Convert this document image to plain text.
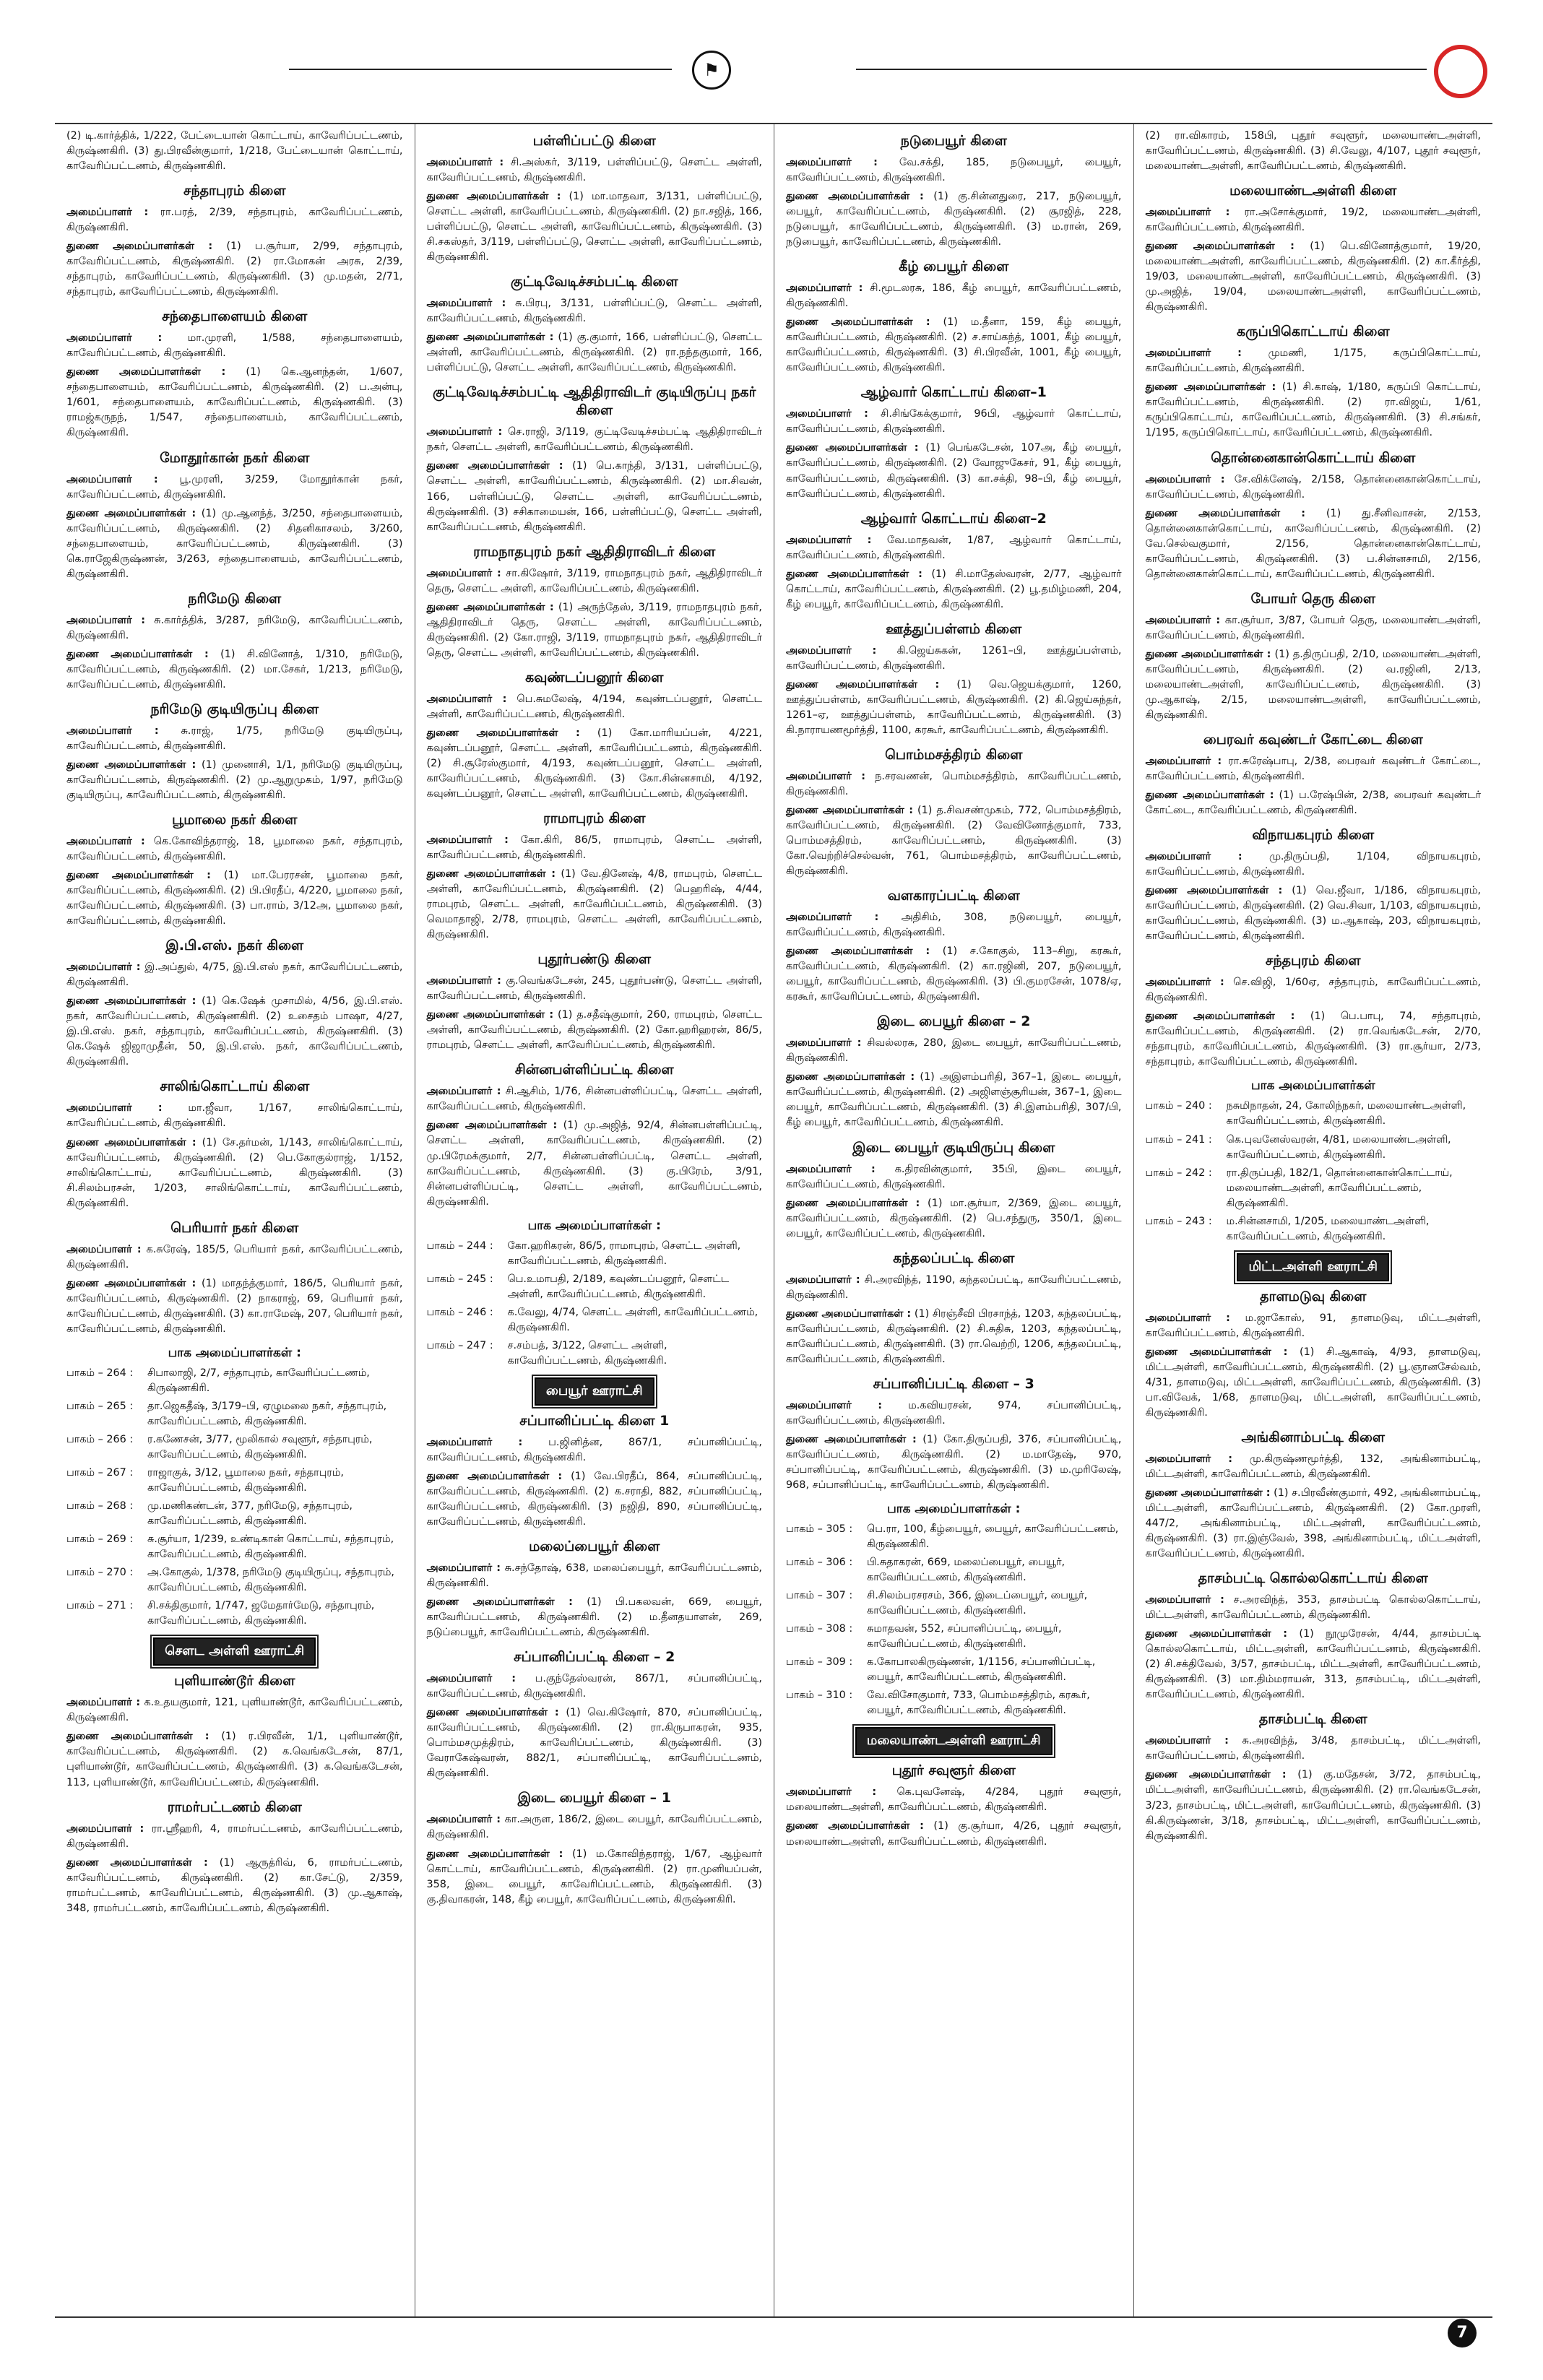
⚑

(2) டி.கார்த்திக், 1/222, பேட்டையான் கொட்டாய், காவேரிப்பட்டணம், கிருஷ்ணகிரி. (3) து.பிரவீன்குமார், 1/218, பேட்டையான் கொட்டாய், காவேரிப்பட்டணம், கிருஷ்ணகிரி.

சந்தாபுரம் கிளை

அமைப்பாளர் : ரா.பரத், 2/39, சந்தாபுரம், காவேரிப்பட்டணம், கிருஷ்ணகிரி.

துணை அமைப்பாளர்கள் : (1) ப.சூர்யா, 2/99, சந்தாபுரம், காவேரிப்பட்டணம், கிருஷ்ணகிரி. (2) ரா.மோகன் அரசு, 2/39, சந்தாபுரம், காவேரிப்பட்டணம், கிருஷ்ணகிரி. (3) மு.மதன், 2/71, சந்தாபுரம், காவேரிப்பட்டணம், கிருஷ்ணகிரி.

சந்தைபாளையம் கிளை

அமைப்பாளர் : மா.முரளி, 1/588, சந்தைபாளையம், காவேரிப்பட்டணம், கிருஷ்ணகிரி.

துணை அமைப்பாளர்கள் : (1) கெ.ஆனந்தன், 1/607, சந்தைபாளையம், காவேரிப்பட்டணம், கிருஷ்ணகிரி. (2) ப.அன்பு, 1/601, சந்தைபாளையம், காவேரிப்பட்டணம், கிருஷ்ணகிரி. (3) ராமஜ்கருநந், 1/547, சந்தைபாளையம், காவேரிப்பட்டணம், கிருஷ்ணகிரி.

மோதூர்கான் நகர் கிளை

அமைப்பாளர் : பூ.முரளி, 3/259, மோதூர்கான் நகர், காவேரிப்பட்டணம், கிருஷ்ணகிரி.

துணை அமைப்பாளர்கள் : (1) மு.ஆனந்த், 3/250, சந்தைபாளையம், காவேரிப்பட்டணம், கிருஷ்ணகிரி. (2) சிதனிகாசலம், 3/260, சந்தைபாளையம், காவேரிப்பட்டணம், கிருஷ்ணகிரி. (3) கெ.ராஜேகிருஷ்ணன், 3/263, சந்தைபாளையம், காவேரிப்பட்டணம், கிருஷ்ணகிரி.

நரிமேடு கிளை

அமைப்பாளர் : சு.கார்த்திக், 3/287, நரிமேடு, காவேரிப்பட்டணம், கிருஷ்ணகிரி.

துணை அமைப்பாளர்கள் : (1) சி.வினோத், 1/310, நரிமேடு, காவேரிப்பட்டணம், கிருஷ்ணகிரி. (2) மா.சேகர், 1/213, நரிமேடு, காவேரிப்பட்டணம், கிருஷ்ணகிரி.

நரிமேடு குடியிருப்பு கிளை

அமைப்பாளர் : சு.ராஜ், 1/75, நரிமேடு குடியிருப்பு, காவேரிப்பட்டணம், கிருஷ்ணகிரி.

துணை அமைப்பாளர்கள் : (1) முனைாசி, 1/1, நரிமேடு குடியிருப்பு, காவேரிப்பட்டணம், கிருஷ்ணகிரி. (2) மு.ஆறுமுகம், 1/97, நரிமேடு குடியிருப்பு, காவேரிப்பட்டணம், கிருஷ்ணகிரி.

பூமாலை நகர் கிளை

அமைப்பாளர் : கெ.கோவிந்தராஜ், 18, பூமாலை நகர், சந்தாபுரம், காவேரிப்பட்டணம், கிருஷ்ணகிரி.

துணை அமைப்பாளர்கள் : (1) மா.பேரரசன், பூமாலை நகர், காவேரிப்பட்டணம், கிருஷ்ணகிரி. (2) பி.பிரதீப், 4/220, பூமாலை நகர், காவேரிப்பட்டணம், கிருஷ்ணகிரி. (3) பா.ராம், 3/12அ, பூமாலை நகர், காவேரிப்பட்டணம், கிருஷ்ணகிரி.

இ.பி.எஸ். நகர் கிளை

அமைப்பாளர் : இ.அப்துல், 4/75, இ.பி.எஸ் நகர், காவேரிப்பட்டணம், கிருஷ்ணகிரி.

துணை அமைப்பாளர்கள் : (1) கெ.ஷேக் முசாமில், 4/56, இ.பி.எஸ். நகர், காவேரிப்பட்டணம், கிருஷ்ணகிரி. (2) உசைதம் பாஷா, 4/27, இ.பி.எஸ். நகர், சந்தாபுரம், காவேரிப்பட்டணம், கிருஷ்ணகிரி. (3) கெ.ஷேக் ஜிஜாமுதீன், 50, இ.பி.எஸ். நகர், காவேரிப்பட்டணம், கிருஷ்ணகிரி.

சாலிங்கொட்டாய் கிளை

அமைப்பாளர் : மா.ஜீவா, 1/167, சாலிங்கொட்டாய், காவேரிப்பட்டணம், கிருஷ்ணகிரி.

துணை அமைப்பாளர்கள் : (1) சே.தர்மன், 1/143, சாலிங்கொட்டாய், காவேரிப்பட்டணம், கிருஷ்ணகிரி. (2) பெ.கோகுல்ராஜ், 1/152, சாலிங்கொட்டாய், காவேரிப்பட்டணம், கிருஷ்ணகிரி. (3) சி.சிலம்பரசன், 1/203, சாலிங்கொட்டாய், காவேரிப்பட்டணம், கிருஷ்ணகிரி.

பெரியார் நகர் கிளை

அமைப்பாளர் : க.சுரேஷ், 185/5, பெரியார் நகர், காவேரிப்பட்டணம், கிருஷ்ணகிரி.

துணை அமைப்பாளர்கள் : (1) மாதந்த்குமார், 186/5, பெரியார் நகர், காவேரிப்பட்டணம், கிருஷ்ணகிரி. (2) நாகராஜ், 69, பெரியார் நகர், காவேரிப்பட்டணம், கிருஷ்ணகிரி. (3) கா.ராமேஷ், 207, பெரியார் நகர், காவேரிப்பட்டணம், கிருஷ்ணகிரி.

பாக அமைப்பாளர்கள் :
பாகம் – 264 :	சிபாலாஜி, 2/7, சந்தாபுரம், காவேரிப்பட்டணம், கிருஷ்ணகிரி.
பாகம் – 265 :	தா.ஜெகதீஷ், 3/179–பி, ஏழுமலை நகர், சந்தாபுரம், காவேரிப்பட்டணம், கிருஷ்ணகிரி.
பாகம் – 266 :	ர.கணேசன், 3/77, மூலிகால் சவுளூர், சந்தாபுரம், காவேரிப்பட்டணம், கிருஷ்ணகிரி.
பாகம் – 267 :	ராஜாகுக், 3/12, பூமாலை நகர், சந்தாபுரம், காவேரிப்பட்டணம், கிருஷ்ணகிரி.
பாகம் – 268 :	மு.மணிகண்டன், 377, நரிமேடு, சந்தாபுரம், காவேரிப்பட்டணம், கிருஷ்ணகிரி.
பாகம் – 269 :	சு.சூர்யா, 1/239, உண்டிகான் கொட்டாய், சந்தாபுரம், காவேரிப்பட்டணம், கிருஷ்ணகிரி.
பாகம் – 270 :	அ.கோகுல், 1/378, நரிமேடு குடியிருப்பு, சந்தாபுரம், காவேரிப்பட்டணம், கிருஷ்ணகிரி.
பாகம் – 271 :	சி.சக்திகுமார், 1/747, ஜமேதார்மேடு, சந்தாபுரம், காவேரிப்பட்டணம், கிருஷ்ணகிரி.
சௌட அள்ளி ஊராட்சி
புளியாண்டூர் கிளை

அமைப்பாளர் : க.உதயகுமார், 121, புளியாண்டூர், காவேரிப்பட்டணம், கிருஷ்ணகிரி.

துணை அமைப்பாளர்கள் : (1) ர.பிரவீன், 1/1, புளியாண்டூர், காவேரிப்பட்டணம், கிருஷ்ணகிரி. (2) க.வெங்கடேசன், 87/1, புளியாண்டூர், காவேரிப்பட்டணம், கிருஷ்ணகிரி. (3) க.வெங்கடேசன், 113, புளியாண்டூர், காவேரிப்பட்டணம், கிருஷ்ணகிரி.

ராமர்பட்டணம் கிளை

அமைப்பாளர் : ரா.ஸ்ரீஹரி, 4, ராமர்பட்டணம், காவேரிப்பட்டணம், கிருஷ்ணகிரி.

துணை அமைப்பாளர்கள் : (1) ஆருத்ரிவ், 6, ராமர்பட்டணம், காவேரிப்பட்டணம், கிருஷ்ணகிரி. (2) கா.சேட்டு, 2/359, ராமர்பட்டணம், காவேரிப்பட்டணம், கிருஷ்ணகிரி. (3) மு.ஆகாஷ், 348, ராமர்பட்டணம், காவேரிப்பட்டணம், கிருஷ்ணகிரி.

பள்ளிப்பட்டு கிளை

அமைப்பாளர் : சி.அஸ்கர், 3/119, பள்ளிப்பட்டு, சௌட்ட அள்ளி, காவேரிப்பட்டணம், கிருஷ்ணகிரி.

துணை அமைப்பாளர்கள் : (1) மா.மாதவா, 3/131, பள்ளிப்பட்டு, சௌட்ட அள்ளி, காவேரிப்பட்டணம், கிருஷ்ணகிரி. (2) நா.சஜித், 166, பள்ளிப்பட்டு, சௌட்ட அள்ளி, காவேரிப்பட்டணம், கிருஷ்ணகிரி. (3) சி.சகஸ்தர், 3/119, பள்ளிப்பட்டு, சௌட்ட அள்ளி, காவேரிப்பட்டணம், கிருஷ்ணகிரி.

குட்டிவேடிச்சம்பட்டி கிளை

அமைப்பாளர் : சு.பிரபு, 3/131, பள்ளிப்பட்டு, சௌட்ட அள்ளி, காவேரிப்பட்டணம், கிருஷ்ணகிரி.

துணை அமைப்பாளர்கள் : (1) கு.குமார், 166, பள்ளிப்பட்டு, சௌட்ட அள்ளி, காவேரிப்பட்டணம், கிருஷ்ணகிரி. (2) ரா.நந்தகுமார், 166, பள்ளிப்பட்டு, சௌட்ட அள்ளி, காவேரிப்பட்டணம், கிருஷ்ணகிரி.

குட்டிவேடிச்சம்பட்டி ஆதிதிராவிடர் குடியிருப்பு நகர் கிளை

அமைப்பாளர் : செ.ராஜி, 3/119, குட்டிவேடிச்சம்பட்டி ஆதிதிராவிடர் நகர், சௌட்ட அள்ளி, காவேரிப்பட்டணம், கிருஷ்ணகிரி.

துணை அமைப்பாளர்கள் : (1) பெ.காந்தி, 3/131, பள்ளிப்பட்டு, சௌட்ட அள்ளி, காவேரிப்பட்டணம், கிருஷ்ணகிரி. (2) மா.சிவன், 166, பள்ளிப்பட்டு, சௌட்ட அள்ளி, காவேரிப்பட்டணம், கிருஷ்ணகிரி. (3) சசிகாமையன், 166, பள்ளிப்பட்டு, சௌட்ட அள்ளி, காவேரிப்பட்டணம், கிருஷ்ணகிரி.

ராமநாதபுரம் நகர் ஆதிதிராவிடர் கிளை

அமைப்பாளர் : சா.கிஷோர், 3/119, ராமநாதபுரம் நகர், ஆதிதிராவிடர் தெரு, சௌட்ட அள்ளி, காவேரிப்பட்டணம், கிருஷ்ணகிரி.

துணை அமைப்பாளர்கள் : (1) அருந்தேஸ், 3/119, ராமநாதபுரம் நகர், ஆதிதிராவிடர் தெரு, சௌட்ட அள்ளி, காவேரிப்பட்டணம், கிருஷ்ணகிரி. (2) கோ.ராஜி, 3/119, ராமநாதபுரம் நகர், ஆதிதிராவிடர் தெரு, சௌட்ட அள்ளி, காவேரிப்பட்டணம், கிருஷ்ணகிரி.

கவுண்டப்பனூர் கிளை

அமைப்பாளர் : பெ.சுமலேஷ், 4/194, கவுண்டப்பனூர், சௌட்ட அள்ளி, காவேரிப்பட்டணம், கிருஷ்ணகிரி.

துணை அமைப்பாளர்கள் : (1) கோ.மாரியப்பன், 4/221, கவுண்டப்பனூர், சௌட்ட அள்ளி, காவேரிப்பட்டணம், கிருஷ்ணகிரி. (2) சி.சூரேஸ்குமார், 4/193, கவுண்டப்பனூர், சௌட்ட அள்ளி, காவேரிப்பட்டணம், கிருஷ்ணகிரி. (3) கோ.சின்னசாமி, 4/192, கவுண்டப்பனூர், சௌட்ட அள்ளி, காவேரிப்பட்டணம், கிருஷ்ணகிரி.

ராமாபுரம் கிளை

அமைப்பாளர் : கோ.கிரி, 86/5, ராமாபுரம், சௌட்ட அள்ளி, காவேரிப்பட்டணம், கிருஷ்ணகிரி.

துணை அமைப்பாளர்கள் : (1) வே.தினேஷ், 4/8, ராமபுரம், சௌட்ட அள்ளி, காவேரிப்பட்டணம், கிருஷ்ணகிரி. (2) பெஹரிஷ், 4/44, ராமபுரம், சௌட்ட அள்ளி, காவேரிப்பட்டணம், கிருஷ்ணகிரி. (3) வெமாதாஜி, 2/78, ராமபுரம், சௌட்ட அள்ளி, காவேரிப்பட்டணம், கிருஷ்ணகிரி.

புதூர்பண்டு கிளை

அமைப்பாளர் : கு.வெங்கடேசன், 245, புதூர்பண்டு, சௌட்ட அள்ளி, காவேரிப்பட்டணம், கிருஷ்ணகிரி.

துணை அமைப்பாளர்கள் : (1) த.சதீஷ்குமார், 260, ராமபுரம், சௌட்ட அள்ளி, காவேரிப்பட்டணம், கிருஷ்ணகிரி. (2) கோ.ஹரிஹரன், 86/5, ராமபுரம், சௌட்ட அள்ளி, காவேரிப்பட்டணம், கிருஷ்ணகிரி.

சின்னபள்ளிப்பட்டி கிளை

அமைப்பாளர் : சி.ஆசிம், 1/76, சின்னபள்ளிப்பட்டி, சௌட்ட அள்ளி, காவேரிப்பட்டணம், கிருஷ்ணகிரி.

துணை அமைப்பாளர்கள் : (1) மு.அஜித், 92/4, சின்னபள்ளிப்பட்டி, சௌட்ட அள்ளி, காவேரிப்பட்டணம், கிருஷ்ணகிரி. (2) மு.பிரேமக்குமார், 2/7, சின்னபள்ளிப்பட்டி, சௌட்ட அள்ளி, காவேரிப்பட்டணம், கிருஷ்ணகிரி. (3) கு.பிரேம், 3/91, சின்னபள்ளிப்பட்டி, சௌட்ட அள்ளி, காவேரிப்பட்டணம், கிருஷ்ணகிரி.

பாக அமைப்பாளர்கள் :
பாகம் – 244 :	கோ.ஹரிகரன், 86/5, ராமாபுரம், சௌட்ட அள்ளி, காவேரிப்பட்டணம், கிருஷ்ணகிரி.
பாகம் – 245 :	பெ.உமாபதி, 2/189, கவுண்டப்பனூர், சௌட்ட அள்ளி, காவேரிப்பட்டணம், கிருஷ்ணகிரி.
பாகம் – 246 :	க.வேலு, 4/74, சௌட்ட அள்ளி, காவேரிப்பட்டணம், கிருஷ்ணகிரி.
பாகம் – 247 :	ச.சம்பத், 3/122, சௌட்ட அள்ளி, காவேரிப்பட்டணம், கிருஷ்ணகிரி.
பையூர் ஊராட்சி
சப்பானிப்பட்டி கிளை 1

அமைப்பாளர் : ப.ஜினித்ன, 867/1, சப்பானிப்பட்டி, காவேரிப்பட்டணம், கிருஷ்ணகிரி.

துணை அமைப்பாளர்கள் : (1) வே.பிரதீப், 864, சப்பானிப்பட்டி, காவேரிப்பட்டணம், கிருஷ்ணகிரி. (2) க.சராதி, 882, சப்பானிப்பட்டி, காவேரிப்பட்டணம், கிருஷ்ணகிரி. (3) நஜிதி, 890, சப்பானிப்பட்டி, காவேரிப்பட்டணம், கிருஷ்ணகிரி.

மலைப்பையூர் கிளை

அமைப்பாளர் : சு.சந்தோஷ், 638, மலைப்பையூர், காவேரிப்பட்டணம், கிருஷ்ணகிரி.

துணை அமைப்பாளர்கள் : (1) பி.பகலவன், 669, பையூர், காவேரிப்பட்டணம், கிருஷ்ணகிரி. (2) ம.தீனதயாளன், 269, நடுப்பையூர், காவேரிப்பட்டணம், கிருஷ்ணகிரி.

சப்பானிப்பட்டி கிளை – 2

அமைப்பாளர் : ப.குந்தேஸ்வரன், 867/1, சப்பானிப்பட்டி, காவேரிப்பட்டணம், கிருஷ்ணகிரி.

துணை அமைப்பாளர்கள் : (1) வெ.கிஷோர், 870, சப்பானிப்பட்டி, காவேரிப்பட்டணம், கிருஷ்ணகிரி. (2) ரா.கிருபாகரன், 935, பொம்மசமுத்திரம், காவேரிப்பட்டணம், கிருஷ்ணகிரி. (3) வேராகேஷ்வரன், 882/1, சப்பானிப்பட்டி, காவேரிப்பட்டணம், கிருஷ்ணகிரி.

இடை பையூர் கிளை – 1

அமைப்பாளர் : கா.அருள, 186/2, இடை பையூர், காவேரிப்பட்டணம், கிருஷ்ணகிரி.

துணை அமைப்பாளர்கள் : (1) ம.கோவிந்தராஜ், 1/67, ஆழ்வார் கொட்டாய், காவேரிப்பட்டணம், கிருஷ்ணகிரி. (2) ரா.முனியப்பன், 358, இடை பையூர், காவேரிப்பட்டணம், கிருஷ்ணகிரி. (3) கு.திவாகரன், 148, கீழ் பையூர், காவேரிப்பட்டணம், கிருஷ்ணகிரி.

நடுபையூர் கிளை

அமைப்பாளர் : வே.சக்தி, 185, நடுபையூர், பையூர், காவேரிப்பட்டணம், கிருஷ்ணகிரி.

துணை அமைப்பாளர்கள் : (1) கு.சின்னதுரை, 217, நடுபையூர், பையூர், காவேரிப்பட்டணம், கிருஷ்ணகிரி. (2) சூரஜித், 228, நடுபையூர், காவேரிப்பட்டணம், கிருஷ்ணகிரி. (3) ம.ரான், 269, நடுபையூர், காவேரிப்பட்டணம், கிருஷ்ணகிரி.

கீழ் பையூர் கிளை

அமைப்பாளர் : சி.மூடலரசு, 186, கீழ் பையூர், காவேரிப்பட்டணம், கிருஷ்ணகிரி.

துணை அமைப்பாளர்கள் : (1) ம.தீனா, 159, கீழ் பையூர், காவேரிப்பட்டணம், கிருஷ்ணகிரி. (2) ச.சாய்கந்த், 1001, கீழ் பையூர், காவேரிப்பட்டணம், கிருஷ்ணகிரி. (3) சி.பிரவீன், 1001, கீழ் பையூர், காவேரிப்பட்டணம், கிருஷ்ணகிரி.

ஆழ்வார் கொட்டாய் கிளை–1

அமைப்பாளர் : சி.சிங்கேக்குமார், 96பி, ஆழ்வார் கொட்டாய், காவேரிப்பட்டணம், கிருஷ்ணகிரி.

துணை அமைப்பாளர்கள் : (1) பெங்கடேசன், 107அ, கீழ் பையூர், காவேரிப்பட்டணம், கிருஷ்ணகிரி. (2) வோஜுகேசர், 91, கீழ் பையூர், காவேரிப்பட்டணம், கிருஷ்ணகிரி. (3) கா.சக்தி, 98–பி, கீழ் பையூர், காவேரிப்பட்டணம், கிருஷ்ணகிரி.

ஆழ்வார் கொட்டாய் கிளை–2

அமைப்பாளர் : வே.மாதவன், 1/87, ஆழ்வார் கொட்டாய், காவேரிப்பட்டணம், கிருஷ்ணகிரி.

துணை அமைப்பாளர்கள் : (1) சி.மாதேஸ்வரன், 2/77, ஆழ்வார் கொட்டாய், காவேரிப்பட்டணம், கிருஷ்ணகிரி. (2) பூ.தமிழ்மணி, 204, கீழ் பையூர், காவேரிப்பட்டணம், கிருஷ்ணகிரி.

ஊத்துப்பள்ளம் கிளை

அமைப்பாளர் : கி.ஜெய்சுகன், 1261–பி, ஊத்துப்பள்ளம், காவேரிப்பட்டணம், கிருஷ்ணகிரி.

துணை அமைப்பாளர்கள் : (1) வெ.ஜெயக்குமார், 1260, ஊத்துப்பள்ளம், காவேரிப்பட்டணம், கிருஷ்ணகிரி. (2) கி.ஜெய்சுந்தர், 1261–ஏ, ஊத்துப்பள்ளம், காவேரிப்பட்டணம், கிருஷ்ணகிரி. (3) கி.நாராயணமூர்த்தி, 1100, கரகூர், காவேரிப்பட்டணம், கிருஷ்ணகிரி.

பொம்மசத்திரம் கிளை

அமைப்பாளர் : ந.சரவணன், பொம்மசத்திரம், காவேரிப்பட்டணம், கிருஷ்ணகிரி.

துணை அமைப்பாளர்கள் : (1) த.சிவசண்முகம், 772, பொம்மசத்திரம், காவேரிப்பட்டணம், கிருஷ்ணகிரி. (2) வேவினோத்குமார், 733, பொம்மசத்திரம், காவேரிப்பட்டணம், கிருஷ்ணகிரி. (3) கோ.வெற்றிச்செல்வன், 761, பொம்மசத்திரம், காவேரிப்பட்டணம், கிருஷ்ணகிரி.

வளகாரப்பட்டி கிளை

அமைப்பாளர் : அதிசிம், 308, நடுபையூர், பையூர், காவேரிப்பட்டணம், கிருஷ்ணகிரி.

துணை அமைப்பாளர்கள் : (1) ச.கோகுல், 113–சிறு, கரகூர், காவேரிப்பட்டணம், கிருஷ்ணகிரி. (2) கா.ரஜினி, 207, நடுபையூர், பையூர், காவேரிப்பட்டணம், கிருஷ்ணகிரி. (3) பி.குமரசேன், 1078/ஏ, கரகூர், காவேரிப்பட்டணம், கிருஷ்ணகிரி.

இடை பையூர் கிளை – 2

அமைப்பாளர் : சிவல்லரசு, 280, இடை பையூர், காவேரிப்பட்டணம், கிருஷ்ணகிரி.

துணை அமைப்பாளர்கள் : (1) அஇளம்பரிதி, 367–1, இடை பையூர், காவேரிப்பட்டணம், கிருஷ்ணகிரி. (2) அஜிளஞ்சூரியன், 367–1, இடை பையூர், காவேரிப்பட்டணம், கிருஷ்ணகிரி. (3) சி.இளம்பரிதி, 307/பி, கீழ் பையூர், காவேரிப்பட்டணம், கிருஷ்ணகிரி.

இடை பையூர் குடியிருப்பு கிளை

அமைப்பாளர் : க.திரவின்குமார், 35பி, இடை பையூர், காவேரிப்பட்டணம், கிருஷ்ணகிரி.

துணை அமைப்பாளர்கள் : (1) மா.சூர்யா, 2/369, இடை பையூர், காவேரிப்பட்டணம், கிருஷ்ணகிரி. (2) பெ.சந்துரு, 350/1, இடை பையூர், காவேரிப்பட்டணம், கிருஷ்ணகிரி.

கந்தலப்பட்டி கிளை

அமைப்பாளர் : சி.அரவிந்த், 1190, கந்தலப்பட்டி, காவேரிப்பட்டணம், கிருஷ்ணகிரி.

துணை அமைப்பாளர்கள் : (1) சிரஞ்சீவி பிரசாந்த், 1203, கந்தலப்பட்டி, காவேரிப்பட்டணம், கிருஷ்ணகிரி. (2) சி.சுதிசு, 1203, கந்தலப்பட்டி, காவேரிப்பட்டணம், கிருஷ்ணகிரி. (3) ரா.வெற்றி, 1206, கந்தலப்பட்டி, காவேரிப்பட்டணம், கிருஷ்ணகிரி.

சப்பானிப்பட்டி கிளை – 3

அமைப்பாளர் :	ம.கவியரசன், 974, சப்பானிப்பட்டி, காவேரிப்பட்டணம், கிருஷ்ணகிரி.

துணை அமைப்பாளர்கள் : (1) கோ.திருப்பதி, 376, சப்பானிப்பட்டி, காவேரிப்பட்டணம், கிருஷ்ணகிரி. (2) ம.மாதேஷ், 970, சப்பானிப்பட்டி, காவேரிப்பட்டணம், கிருஷ்ணகிரி. (3) ம.முரிலேஷ், 968, சப்பானிப்பட்டி, காவேரிப்பட்டணம், கிருஷ்ணகிரி.

பாக அமைப்பாளர்கள் :
பாகம் – 305 :	பெ.ரா, 100, கீழ்பையூர், பையூர், காவேரிப்பட்டணம், கிருஷ்ணகிரி.
பாகம் – 306 :	பி.சுதாகரன், 669, மலைப்பையூர், பையூர், காவேரிப்பட்டணம், கிருஷ்ணகிரி.
பாகம் – 307 :	சி.சிலம்பரசரசம், 366, இடைப்பையூர், பையூர், காவேரிப்பட்டணம், கிருஷ்ணகிரி.
பாகம் – 308 :	சுமாதவன், 552, சப்பானிப்பட்டி, பையூர், காவேரிப்பட்டணம், கிருஷ்ணகிரி.
பாகம் – 309 :	க.கோபாலகிருஷ்ணன், 1/1156, சப்பானிப்பட்டி, பையூர், காவேரிப்பட்டணம், கிருஷ்ணகிரி.
பாகம் – 310 :	வே.விசோகுமார், 733, பொம்மசத்திரம், கரகூர், பையூர், காவேரிப்பட்டணம், கிருஷ்ணகிரி.
மலையாண்டஅள்ளி ஊராட்சி
புதூர் சவுளூர் கிளை

அமைப்பாளர் : கெ.புவனேஷ், 4/284, புதூர் சவுளூர், மலையாண்டஅள்ளி, காவேரிப்பட்டணம், கிருஷ்ணகிரி.

துணை அமைப்பாளர்கள் : (1) கு.சூர்யா, 4/26, புதூர் சவுளூர், மலையாண்டஅள்ளி, காவேரிப்பட்டணம், கிருஷ்ணகிரி.

(2) ரா.விகாரம், 158பி, புதூர் சவுளூர், மலையாண்டஅள்ளி, காவேரிப்பட்டணம், கிருஷ்ணகிரி. (3) சி.வேலு, 4/107, புதூர் சவுளூர், மலையாண்டஅள்ளி, காவேரிப்பட்டணம், கிருஷ்ணகிரி.

மலையாண்டஅள்ளி கிளை

அமைப்பாளர் : ரா.அசோக்குமார், 19/2, மலையாண்டஅள்ளி, காவேரிப்பட்டணம், கிருஷ்ணகிரி.

துணை அமைப்பாளர்கள் : (1) பெ.வினோத்குமார், 19/20, மலையாண்டஅள்ளி, காவேரிப்பட்டணம், கிருஷ்ணகிரி. (2) கா.கீர்த்தி, 19/03, மலையாண்டஅள்ளி, காவேரிப்பட்டணம், கிருஷ்ணகிரி. (3) மு.அஜித், 19/04, மலையாண்டஅள்ளி, காவேரிப்பட்டணம், கிருஷ்ணகிரி.

கருப்பிகொட்டாய் கிளை

அமைப்பாளர் :	முமணி, 1/175, கருப்பிகொட்டாய், காவேரிப்பட்டணம், கிருஷ்ணகிரி.

துணை அமைப்பாளர்கள் : (1) சி.காஷ், 1/180, கருப்பி கொட்டாய், காவேரிப்பட்டணம், கிருஷ்ணகிரி. (2) ரா.விஜய், 1/61, கருப்பிகொட்டாய், காவேரிப்பட்டணம், கிருஷ்ணகிரி. (3) சி.சங்கர், 1/195, கருப்பிகொட்டாய், காவேரிப்பட்டணம், கிருஷ்ணகிரி.

தொன்னைகான்கொட்டாய் கிளை

அமைப்பாளர் : சே.விக்னேஷ், 2/158, தொன்னைகான்கொட்டாய், காவேரிப்பட்டணம், கிருஷ்ணகிரி.

துணை அமைப்பாளர்கள் : (1) து.சீனிவாசன், 2/153, தொன்னைகான்கொட்டாய், காவேரிப்பட்டணம், கிருஷ்ணகிரி. (2) வே.செல்வகுமார், 2/156, தொன்னைகான்கொட்டாய், காவேரிப்பட்டணம், கிருஷ்ணகிரி. (3) ப.சின்னசாமி, 2/156, தொன்னைகான்கொட்டாய், காவேரிப்பட்டணம், கிருஷ்ணகிரி.

போயர் தெரு கிளை

அமைப்பாளர் : கா.சூர்யா, 3/87, போயர் தெரு, மலையாண்டஅள்ளி, காவேரிப்பட்டணம், கிருஷ்ணகிரி.

துணை அமைப்பாளர்கள் : (1) த.திருப்பதி, 2/10, மலையாண்டஅள்ளி, காவேரிப்பட்டணம், கிருஷ்ணகிரி. (2) வ.ரஜினி, 2/13, மலையாண்டஅள்ளி, காவேரிப்பட்டணம், கிருஷ்ணகிரி. (3) மு.ஆகாஷ், 2/15, மலையாண்டஅள்ளி, காவேரிப்பட்டணம், கிருஷ்ணகிரி.

பைரவர் கவுண்டர் கோட்டை கிளை

அமைப்பாளர் : ரா.சுரேஷ்பாபு, 2/38, பைரவர் கவுண்டர் கோட்டை, காவேரிப்பட்டணம், கிருஷ்ணகிரி.

துணை அமைப்பாளர்கள் : (1) ப.ரேஷ்பின், 2/38, பைரவர் கவுண்டர் கோட்டை, காவேரிப்பட்டணம், கிருஷ்ணகிரி.

விநாயகபுரம் கிளை

அமைப்பாளர் :	மு.திருப்பதி, 1/104, விநாயகபுரம், காவேரிப்பட்டணம், கிருஷ்ணகிரி.

துணை அமைப்பாளர்கள் : (1) வெ.ஜீவா, 1/186, விநாயகபுரம், காவேரிப்பட்டணம், கிருஷ்ணகிரி. (2) வெ.சிவா, 1/103, விநாயகபுரம், காவேரிப்பட்டணம், கிருஷ்ணகிரி. (3) ம.ஆகாஷ், 203, விநாயகபுரம், காவேரிப்பட்டணம், கிருஷ்ணகிரி.

சந்தபுரம் கிளை

அமைப்பாளர் : செ.விஜி, 1/60ஏ, சந்தாபுரம், காவேரிப்பட்டணம், கிருஷ்ணகிரி.

துணை அமைப்பாளர்கள் : (1) பெ.பாபு, 74, சந்தாபுரம், காவேரிப்பட்டணம், கிருஷ்ணகிரி. (2) ரா.வெங்கடேசன், 2/70, சந்தாபுரம், காவேரிப்பட்டணம், கிருஷ்ணகிரி. (3) ரா.சூர்யா, 2/73, சந்தாபுரம், காவேரிப்பட்டணம், கிருஷ்ணகிரி.

பாக அமைப்பாளர்கள்
பாகம் – 240 :	நசுமிநாதன், 24, கோலிந்நகர், மலையாண்டஅள்ளி, காவேரிப்பட்டணம், கிருஷ்ணகிரி.
பாகம் – 241 :	கெ.புவனேஸ்வரன், 4/81, மலையாண்டஅள்ளி, காவேரிப்பட்டணம், கிருஷ்ணகிரி.
பாகம் – 242 :	ரா.திருப்பதி, 182/1, தொன்னைகான்கொட்டாய், மலையாண்டஅள்ளி, காவேரிப்பட்டணம், கிருஷ்ணகிரி.
பாகம் – 243 :	ம.சின்னசாமி, 1/205, மலையாண்டஅள்ளி, காவேரிப்பட்டணம், கிருஷ்ணகிரி.
மிட்டஅள்ளி ஊராட்சி
தாளமடுவு கிளை

அமைப்பாளர் : ம.ஜாகோஸ், 91, தாளமடுவு, மிட்டஅள்ளி, காவேரிப்பட்டணம், கிருஷ்ணகிரி.

துணை அமைப்பாளர்கள் : (1) சி.ஆகாஷ், 4/93, தாளமடுவு, மிட்டஅள்ளி, காவேரிப்பட்டணம், கிருஷ்ணகிரி. (2) பூ.ஞானசேல்வம், 4/31, தாளமடுவு, மிட்டஅள்ளி, காவேரிப்பட்டணம், கிருஷ்ணகிரி. (3) பா.விவேக், 1/68, தாளமடுவு, மிட்டஅள்ளி, காவேரிப்பட்டணம், கிருஷ்ணகிரி.

அங்கினாம்பட்டி கிளை

அமைப்பாளர் : மு.கிருஷ்ணமூர்த்தி, 132, அங்கினாம்பட்டி, மிட்டஅள்ளி, காவேரிப்பட்டணம், கிருஷ்ணகிரி.

துணை அமைப்பாளர்கள் : (1) ச.பிரவீண்குமார், 492, அங்கினாம்பட்டி, மிட்டஅள்ளி, காவேரிப்பட்டணம், கிருஷ்ணகிரி. (2) கோ.முரளி, 447/2, அங்கினாம்பட்டி, மிட்டஅள்ளி, காவேரிப்பட்டணம், கிருஷ்ணகிரி. (3) ரா.இஞ்வேல், 398, அங்கினாம்பட்டி, மிட்டஅள்ளி, காவேரிப்பட்டணம், கிருஷ்ணகிரி.

தாசம்பட்டி கொல்லகொட்டாய் கிளை

அமைப்பாளர் : ச.அரவிந்த், 353, தாசம்பட்டி கொல்லகொட்டாய், மிட்டஅள்ளி, காவேரிப்பட்டணம், கிருஷ்ணகிரி.

துணை அமைப்பாளர்கள் : (1) நூமுரேசன், 4/44, தாசம்பட்டி கொல்லகொட்டாய், மிட்டஅள்ளி, காவேரிப்பட்டணம், கிருஷ்ணகிரி. (2) சி.சக்திவேல், 3/57, தாசம்பட்டி, மிட்டஅள்ளி, காவேரிப்பட்டணம், கிருஷ்ணகிரி. (3) மா.திம்மராயன், 313, தாசம்பட்டி, மிட்டஅள்ளி, காவேரிப்பட்டணம், கிருஷ்ணகிரி.

தாசம்பட்டி கிளை

அமைப்பாளர் : சு.அரவிந்த், 3/48, தாசம்பட்டி, மிட்டஅள்ளி, காவேரிப்பட்டணம், கிருஷ்ணகிரி.

துணை அமைப்பாளர்கள் : (1) கு.மதேசன், 3/72, தாசம்பட்டி, மிட்டஅள்ளி, காவேரிப்பட்டணம், கிருஷ்ணகிரி. (2) ரா.வெங்கடேசன், 3/23, தாசம்பட்டி, மிட்டஅள்ளி, காவேரிப்பட்டணம், கிருஷ்ணகிரி. (3) கி.கிருஷ்ணன், 3/18, தாசம்பட்டி, மிட்டஅள்ளி, காவேரிப்பட்டணம், கிருஷ்ணகிரி.

7
